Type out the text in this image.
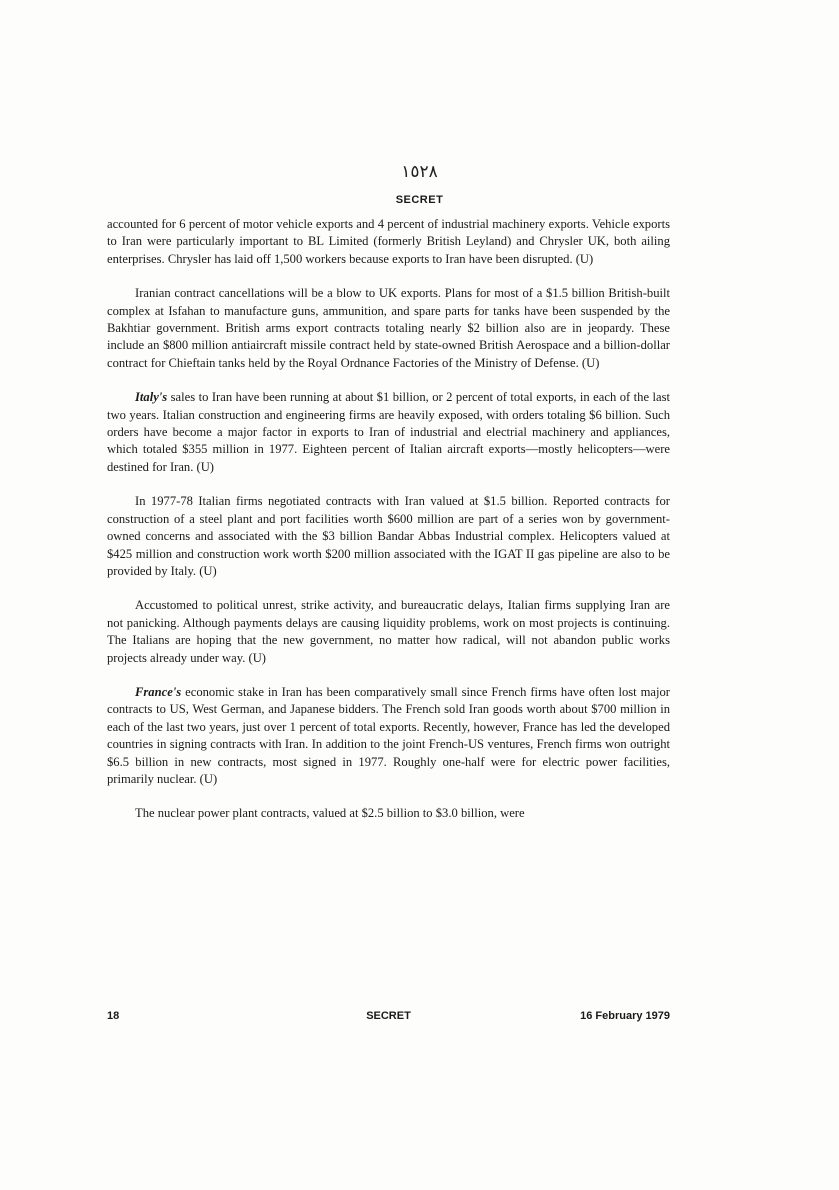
١٥٢٨
SECRET

accounted for 6 percent of motor vehicle exports and 4 percent of industrial machinery exports. Vehicle exports to Iran were particularly important to BL Limited (formerly British Leyland) and Chrysler UK, both ailing enterprises. Chrysler has laid off 1,500 workers because exports to Iran have been disrupted. (U)

Iranian contract cancellations will be a blow to UK exports. Plans for most of a $1.5 billion British-built complex at Isfahan to manufacture guns, ammunition, and spare parts for tanks have been suspended by the Bakhtiar government. British arms export contracts totaling nearly $2 billion also are in jeopardy. These include an $800 million antiaircraft missile contract held by state-owned British Aerospace and a billion-dollar contract for Chieftain tanks held by the Royal Ordnance Factories of the Ministry of Defense. (U)

Italy's sales to Iran have been running at about $1 billion, or 2 percent of total exports, in each of the last two years. Italian construction and engineering firms are heavily exposed, with orders totaling $6 billion. Such orders have become a major factor in exports to Iran of industrial and electrial machinery and appliances, which totaled $355 million in 1977. Eighteen percent of Italian aircraft exports—mostly helicopters—were destined for Iran. (U)

In 1977-78 Italian firms negotiated contracts with Iran valued at $1.5 billion. Reported contracts for construction of a steel plant and port facilities worth $600 million are part of a series won by government-owned concerns and associated with the $3 billion Bandar Abbas Industrial complex. Helicopters valued at $425 million and construction work worth $200 million associated with the IGAT II gas pipeline are also to be provided by Italy. (U)

Accustomed to political unrest, strike activity, and bureaucratic delays, Italian firms supplying Iran are not panicking. Although payments delays are causing liquidity problems, work on most projects is continuing. The Italians are hoping that the new government, no matter how radical, will not abandon public works projects already under way. (U)

France's economic stake in Iran has been comparatively small since French firms have often lost major contracts to US, West German, and Japanese bidders. The French sold Iran goods worth about $700 million in each of the last two years, just over 1 percent of total exports. Recently, however, France has led the developed countries in signing contracts with Iran. In addition to the joint French-US ventures, French firms won outright $6.5 billion in new contracts, most signed in 1977. Roughly one-half were for electric power facilities, primarily nuclear. (U)

The nuclear power plant contracts, valued at $2.5 billion to $3.0 billion, were

18	SECRET	16 February 1979
